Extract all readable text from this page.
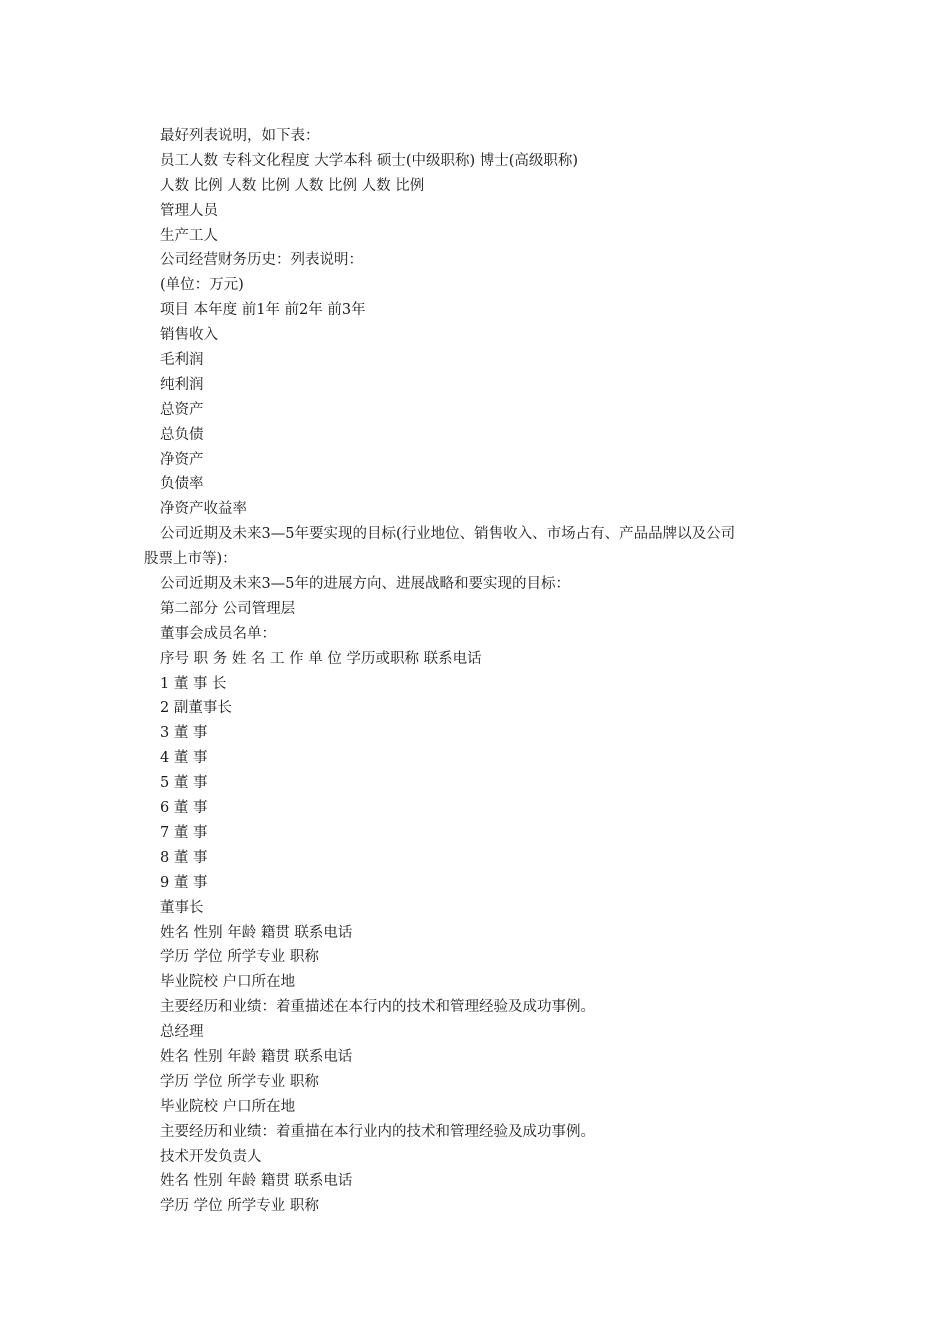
最好列表说明，如下表：
员工人数 专科文化程度 大学本科 硕士(中级职称) 博士(高级职称)
人数 比例 人数 比例 人数 比例 人数 比例
管理人员
生产工人
公司经营财务历史：列表说明：
(单位：万元)
项目 本年度 前1年 前2年 前3年
销售收入
毛利润
纯利润
总资产
总负债
净资产
负债率
净资产收益率
公司近期及未来3—5年要实现的目标(行业地位、销售收入、市场占有、产品品牌以及公司
股票上市等)：
公司近期及未来3—5年的进展方向、进展战略和要实现的目标：
第二部分 公司管理层
董事会成员名单：
序号 职 务 姓 名 工 作 单 位 学历或职称 联系电话
1 董 事 长
2 副董事长
3 董 事
4 董 事
5 董 事
6 董 事
7 董 事
8 董 事
9 董 事
董事长
姓名 性别 年龄 籍贯 联系电话
学历 学位 所学专业 职称
毕业院校 户口所在地
主要经历和业绩：着重描述在本行内的技术和管理经验及成功事例。
总经理
姓名 性别 年龄 籍贯 联系电话
学历 学位 所学专业 职称
毕业院校 户口所在地
主要经历和业绩：着重描在本行业内的技术和管理经验及成功事例。
技术开发负责人
姓名 性别 年龄 籍贯 联系电话
学历 学位 所学专业 职称
